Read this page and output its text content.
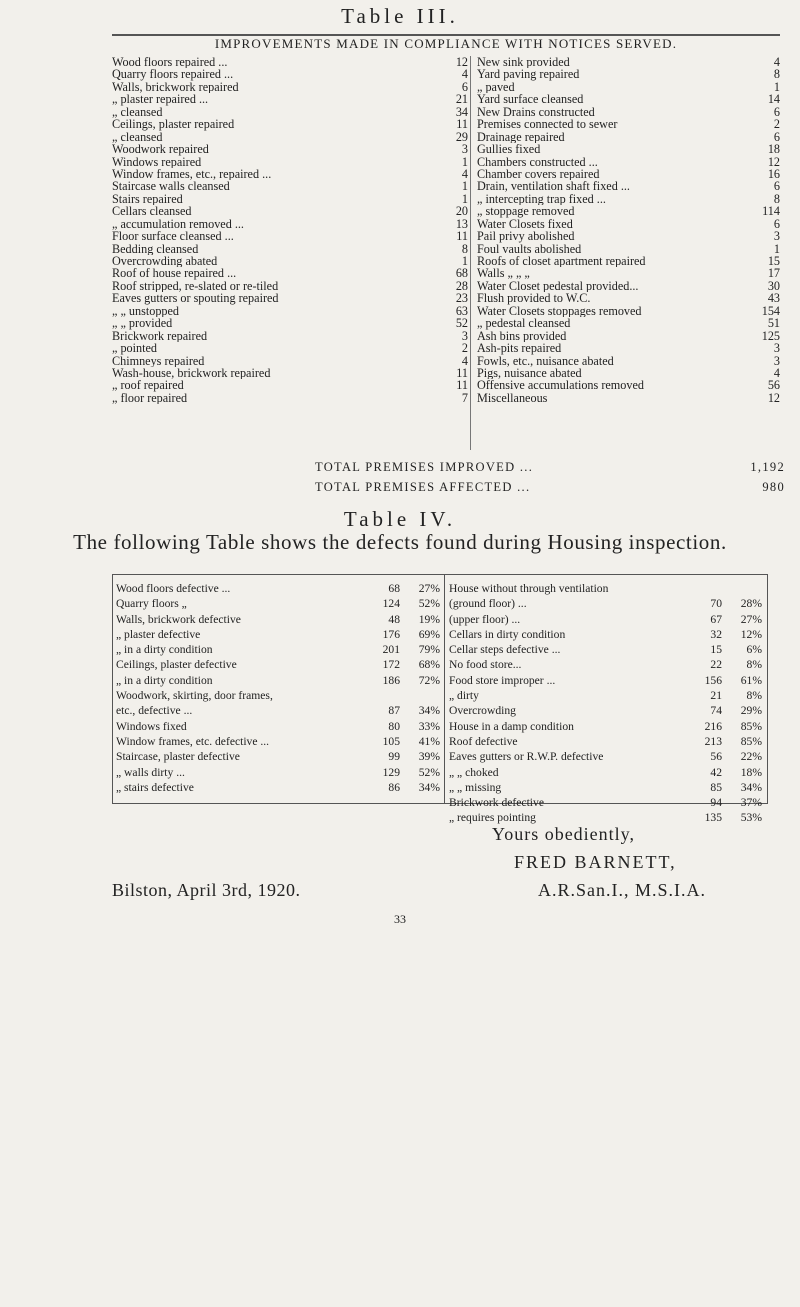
Table III.
IMPROVEMENTS MADE IN COMPLIANCE WITH NOTICES SERVED.
Wood floors repaired ...	12
Quarry floors repaired ...	4
Walls, brickwork repaired	6
„ plaster repaired ...	21
„ cleansed	34
Ceilings, plaster repaired	11
„ cleansed	29
Woodwork repaired	3
Windows repaired	1
Window frames, etc., repaired ...	4
Staircase walls cleansed	1
Stairs repaired	1
Cellars cleansed	20
„ accumulation removed ...	13
Floor surface cleansed ...	11
Bedding cleansed	8
Overcrowding abated	1
Roof of house repaired ...	68
Roof stripped, re-slated or re-tiled	28
Eaves gutters or spouting repaired	23
„ „ unstopped	63
„ „ provided	52
Brickwork repaired	3
„ pointed	2
Chimneys repaired	4
Wash-house, brickwork repaired	11
„ roof repaired	11
„ floor repaired	7
New sink provided	4
Yard paving repaired	8
„ paved	1
Yard surface cleansed	14
New Drains constructed	6
Premises connected to sewer	2
Drainage repaired	6
Gullies fixed	18
Chambers constructed ...	12
Chamber covers repaired	16
Drain, ventilation shaft fixed ...	6
„ intercepting trap fixed ...	8
„ stoppage removed	114
Water Closets fixed	6
Pail privy abolished	3
Foul vaults abolished	1
Roofs of closet apartment repaired	15
Walls „ „ „	17
Water Closet pedestal provided...	30
Flush provided to W.C.	43
Water Closets stoppages removed	154
„ pedestal cleansed	51
Ash bins provided	125
Ash-pits repaired	3
Fowls, etc., nuisance abated	3
Pigs, nuisance abated	4
Offensive accumulations removed	56
Miscellaneous	12
TOTAL PREMISES IMPROVED ...	1,192
TOTAL PREMISES AFFECTED ...	980
Table IV.
The following Table shows the defects found during Housing inspection.
Wood floors defective ...	68	27%
Quarry floors „	124	52%
Walls, brickwork defective	48	19%
„ plaster defective	176	69%
„ in a dirty condition	201	79%
Ceilings, plaster defective	172	68%
„ in a dirty condition	186	72%
Woodwork, skirting, door frames,
etc., defective ...	87	34%
Windows fixed	80	33%
Window frames, etc. defective ...	105	41%
Staircase, plaster defective	99	39%
„ walls dirty ...	129	52%
„ stairs defective	86	34%
House without through ventilation
(ground floor) ...	70	28%
(upper floor) ...	67	27%
Cellars in dirty condition	32	12%
Cellar steps defective ...	15	6%
No food store...	22	8%
Food store improper ...	156	61%
„ dirty	21	8%
Overcrowding	74	29%
House in a damp condition	216	85%
Roof defective	213	85%
Eaves gutters or R.W.P. defective	56	22%
„ „ choked	42	18%
„ „ missing	85	34%
Brickwork defective	94	37%
„ requires pointing	135	53%
Yours obediently,
FRED BARNETT,
Bilston, April 3rd, 1920.	A.R.San.I., M.S.I.A.
33
